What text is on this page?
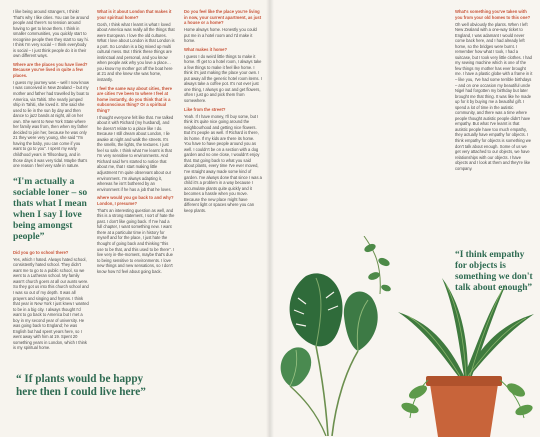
I like being around strangers, I think! That's why I like cities. You can be around people and there's no tension around having to get to know them. I think in smaller communities, you quickly start to recognise people then they start to say hi. I think I'm very social – I think everybody is social – I just think people do it in their own different ways.

Where are the places you have lived? Because you've lived in quite a few places.

I guess my journey was – well I now know I was conceived in New Zealand – but my mother and father had travelled by boat to America, via Tahiti. She nearly jumped ship in Tahiti, she loved it. She said she used to lie in the sun by day and then dance to jazz bands at night, all on her own. She went to New York State where her family was from, then when my father decided to join her, because he was only 21 they were very young, she said "I'm having the baby, you can come if you want to go to you". I spent my early childhood years in Tillsonburg, and in those days it was very tidal. Maybe that's one reason I feel very safe in nature.

“I'm actually a sociable loner – so thats what I mean when I say I love being amongst people”
Did you go to school there?

Yes, which I hated. Always hated school, consistently hated school. They didn't want me to go to a public school, so we went to a Lutheran school. My family wasn't church goers at all our aunts were. So they got us into this church school and I was so out of my depth. It was all prayers and singing and hymns. I think that year in New York I just knew I wanted to be in a big city. I always thought I'd want to go back to America but I met a boy in my second year of university. He was going back to England; he was English but had spent years here, so I went away with him at 19. Spent 20 something years in London, which I think is my spiritual home.

What is it about London that makes it your spiritual home?

Gosh, I think what I learnt is what I loved about America was really all the things that were European. I love the old cultures. What I love about London is that London is a port. So London is a big mixed up multi cultural mess. But I think these things are instinctual and personal, and you know when people ask why you love a place… you know my mother got off the boat here at 21 and she knew she was home, instantly.

I feel the same way about cities, there are cities I've been to where I feel at home instantly, do you think that is a subconscious thing? Or a spiritual thing?

I thought everyone felt like that. I've talked about it with Richard (my husband), and he doesn't relate to a place like I do. Because I still dream about London, I lie awake at night and walk the streets. It's the smells, the lights, the textures. I just feel so safe. I think what I've learnt is that I'm very sensitive to environments. And Richard said he's started to notice that about me, that I start making little adjustment I'm quite observant about our environment. I'm always adapting it, whereas he isn't bothered by an environment if he has a job that he loves.

where would you go back to and why? London, I presume?

That's an interesting question as well, and this is a strong statement, I sort of hate the past. I don't like going back. If I've had a full chapter, I want something new. I want there at a particular time in history for myself and for the place, I just hate the thought of going back and thinking "this use to be that, and this used to be there". I live very in-the-moment, maybe that's due to being sensitive to environments. I love new things and new sensations, so I don't know how I'd feel about going back.

Do you feel like the place you're living in now, your current apartment, as just a house or a home?

Home always home. Honestly you could put me in a hotel room and I'd make it home.

What makes it home?

I guess I do weird little things to make it home. I'll get to a hotel room, I always take a few things to make it feel like home. I think it's just making the place your own. I put away all the generic hotel room items. I always take a coffee pot. It's not ever just one thing, I always go out and get flowers, often I just go and pick them from somewhere.

Like from the street?

Yeah. If I have money, I'll buy some, but I think it's quite nice going around the neighbourhood and getting nice flowers. But it's people as well. If Richard is there, its home. If my kids are there its home. You have to have people around you as well. I couldn't be on a section with a dog garden and no one close, I wouldn't enjoy that. But going back to what you said about plants, every time I've ever moved, I've straight away made some kind of garden. I've always done that since I was a child it's a problem in a way because I accumulate plants quite quickly and it becomes a hassle when you move. Because the new place might have different light or spaces where you can keep plants.

“ If plants would be happy here then I could live here”
What's something you've taken with you from your old homes to this one?

Oh well obviously the plants. When I left New Zealand with a one-way ticket to England, I was adamant I would never come back here, and I had already left home, so the bridges were burnt. I remember how what I took, I had a suitcase, but I took very little clothes. I had my sewing machine which is one of the few things my mother has ever brought me. I have a plastic globe with a frame in it – like you, I've had some terrible birthdays – and on one occasion my beautiful uncle Nigel had forgotten my birthday but later brought me that thing. It was like he made up for it by buying me a beautiful gift. I spend a lot of time in the autistic community, and there was a time where people thought autistic people didn't have empathy. But what I've learnt is that autistic people have too much empathy, they actually have empathy for objects. I think empathy for objects is something we don't talk about enough. Some of us we get very attached to our objects, we have relationships with our objects. I have objects and I look at them and they're like company.

“I think empathy for objects is something we don't talk about enough”
